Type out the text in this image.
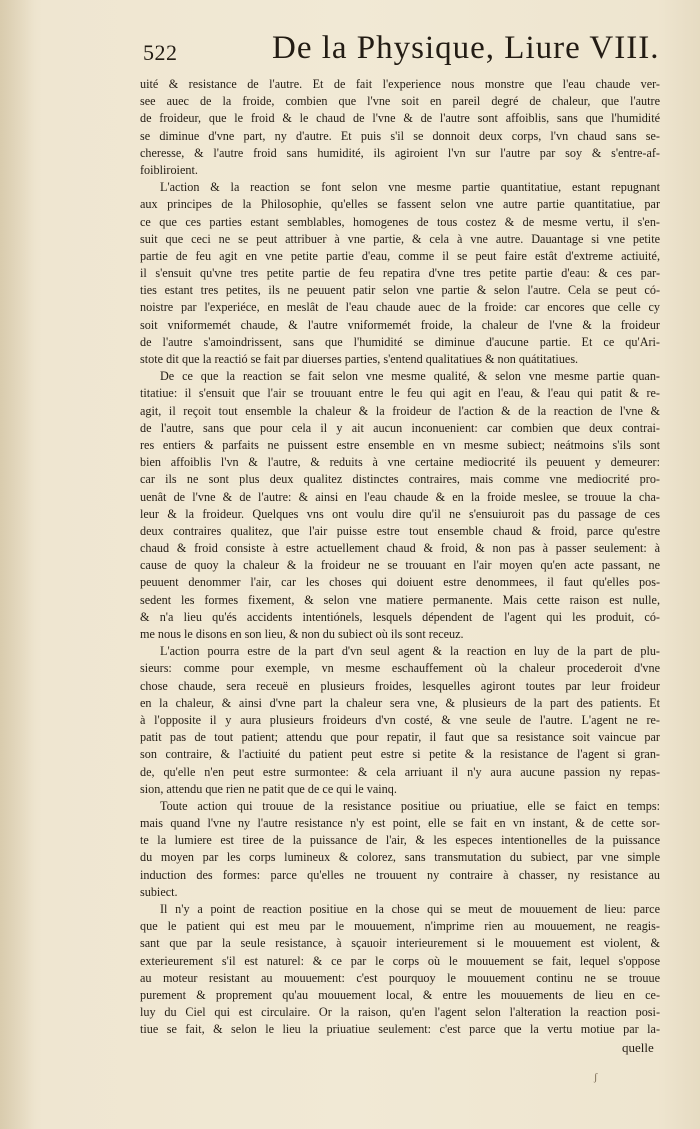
522	De la Physique, Liure VIII.
uité & resistance de l'autre. Et de fait l'experience nous monstre que l'eau chaude ver-
see auec de la froide, combien que l'vne soit en pareil degré de chaleur, que l'autre
de froideur, que le froid & le chaud de l'vne & de l'autre sont affoiblis, sans que l'humidité
se diminue d'vne part, ny d'autre. Et puis s'il se donnoit deux corps, l'vn chaud sans se-
cheresse, & l'autre froid sans humidité, ils agiroient l'vn sur l'autre par soy & s'entre-af-
foibliroient.
L'action & la reaction se font selon vne mesme partie quantitatiue, estant repugnant
aux principes de la Philosophie, qu'elles se fassent selon vne autre partie quantitatiue, par
ce que ces parties estant semblables, homogenes de tous costez & de mesme vertu, il s'en-
suit que ceci ne se peut attribuer à vne partie, & cela à vne autre. Dauantage si vne petite
partie de feu agit en vne petite partie d'eau, comme il se peut faire estât d'extreme actiuité,
il s'ensuit qu'vne tres petite partie de feu repatira d'vne tres petite partie d'eau: & ces par-
ties estant tres petites, ils ne peuuent patir selon vne partie & selon l'autre. Cela se peut có-
noistre par l'experiéce, en meslât de l'eau chaude auec de la froide: car encores que celle cy
soit vniformemét chaude, & l'autre vniformemét froide, la chaleur de l'vne & la froideur
de l'autre s'amoindrissent, sans que l'humidité se diminue d'aucune partie. Et ce qu'Ari-
stote dit que la reactió se fait par diuerses parties, s'entend qualitatiues & non quátitatiues.
De ce que la reaction se fait selon vne mesme qualité, & selon vne mesme partie quan-
titatiue: il s'ensuit que l'air se trouuant entre le feu qui agit en l'eau, & l'eau qui patit & re-
agit, il reçoit tout ensemble la chaleur & la froideur de l'action & de la reaction de l'vne &
de l'autre, sans que pour cela il y ait aucun inconuenient: car combien que deux contrai-
res entiers & parfaits ne puissent estre ensemble en vn mesme subiect; neátmoins s'ils sont
bien affoiblis l'vn & l'autre, & reduits à vne certaine mediocrité ils peuuent y demeurer:
car ils ne sont plus deux qualitez distinctes contraires, mais comme vne mediocrité pro-
uenât de l'vne & de l'autre: & ainsi en l'eau chaude & en la froide meslee, se trouue la cha-
leur & la froideur. Quelques vns ont voulu dire qu'il ne s'ensuiuroit pas du passage de ces
deux contraires qualitez, que l'air puisse estre tout ensemble chaud & froid, parce qu'estre
chaud & froid consiste à estre actuellement chaud & froid, & non pas à passer seulement: à
cause de quoy la chaleur & la froideur ne se trouuant en l'air moyen qu'en acte passant, ne
peuuent denommer l'air, car les choses qui doiuent estre denommees, il faut qu'elles pos-
sedent les formes fixement, & selon vne matiere permanente. Mais cette raison est nulle,
& n'a lieu qu'és accidents intentiónels, lesquels dépendent de l'agent qui les produit, có-
me nous le disons en son lieu, & non du subiect où ils sont receuz.
L'action pourra estre de la part d'vn seul agent & la reaction en luy de la part de plu-
sieurs: comme pour exemple, vn mesme eschauffement où la chaleur procederoit d'vne
chose chaude, sera receuë en plusieurs froides, lesquelles agiront toutes par leur froideur
en la chaleur, & ainsi d'vne part la chaleur sera vne, & plusieurs de la part des patients. Et
à l'opposite il y aura plusieurs froideurs d'vn costé, & vne seule de l'autre. L'agent ne re-
patit pas de tout patient; attendu que pour repatir, il faut que sa resistance soit vaincue par
son contraire, & l'actiuité du patient peut estre si petite & la resistance de l'agent si gran-
de, qu'elle n'en peut estre surmontee: & cela arriuant il n'y aura aucune passion ny repas-
sion, attendu que rien ne patit que de ce qui le vainq.
Toute action qui trouue de la resistance positiue ou priuatiue, elle se faict en temps:
mais quand l'vne ny l'autre resistance n'y est point, elle se fait en vn instant, & de cette sor-
te la lumiere est tiree de la puissance de l'air, & les especes intentionelles de la puissance
du moyen par les corps lumineux & colorez, sans transmutation du subiect, par vne simple
induction des formes: parce qu'elles ne trouuent ny contraire à chasser, ny resistance au
subiect.
Il n'y a point de reaction positiue en la chose qui se meut de mouuement de lieu: parce
que le patient qui est meu par le mouuement, n'imprime rien au mouuement, ne reagis-
sant que par la seule resistance, à sçauoir interieurement si le mouuement est violent, &
exterieurement s'il est naturel: & ce par le corps où le mouuement se fait, lequel s'oppose
au moteur resistant au mouuement: c'est pourquoy le mouuement continu ne se trouue
purement & proprement qu'au mouuement local, & entre les mouuements de lieu en ce-
luy du Ciel qui est circulaire. Or la raison, qu'en l'agent selon l'alteration la reaction posi-
tiue se fait, & selon le lieu la priuatiue seulement: c'est parce que la vertu motiue par la-
quelle
ʃ
